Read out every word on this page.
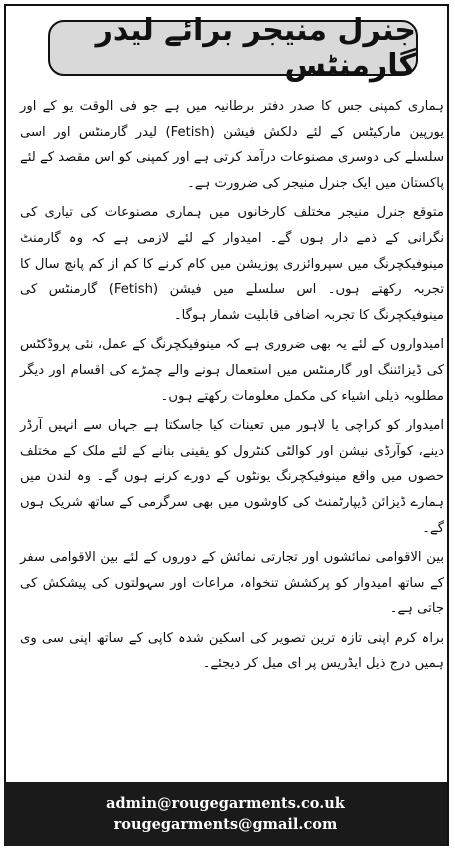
جنرل منیجر برائے لیدر گارمنٹس

ہماری کمپنی جس کا صدر دفتر برطانیہ میں ہے جو فی الوقت یو کے اور یورپین مارکیٹس کے لئے دلکش فیشن (Fetish) لیدر گارمنٹس اور اسی سلسلے کی دوسری مصنوعات درآمد کرتی ہے اور کمپنی کو اس مقصد کے لئے پاکستان میں ایک جنرل منیجر کی ضرورت ہے۔

متوقع جنرل منیجر مختلف کارخانوں میں ہماری مصنوعات کی تیاری کی نگرانی کے ذمے دار ہوں گے۔ امیدوار کے لئے لازمی ہے کہ وہ گارمنٹ مینوفیکچرنگ میں سپروائزری پوزیشن میں کام کرنے کا کم از کم پانچ سال کا تجربہ رکھتے ہوں۔ اس سلسلے میں فیشن (Fetish) گارمنٹس کی مینوفیکچرنگ کا تجربہ اضافی قابلیت شمار ہوگا۔

امیدواروں کے لئے یہ بھی ضروری ہے کہ مینوفیکچرنگ کے عمل، نئی پروڈکٹس کی ڈیزائننگ اور گارمنٹس میں استعمال ہونے والے چمڑے کی اقسام اور دیگر مطلوبہ ذیلی اشیاء کی مکمل معلومات رکھتے ہوں۔

امیدوار کو کراچی یا لاہور میں تعینات کیا جاسکتا ہے جہاں سے انہیں آرڈر دینے، کوآرڈی نیشن اور کوالٹی کنٹرول کو یقینی بنانے کے لئے ملک کے مختلف حصوں میں واقع مینوفیکچرنگ یونٹوں کے دورے کرنے ہوں گے۔ وہ لندن میں ہمارے ڈیزائن ڈیپارٹمنٹ کی کاوشوں میں بھی سرگرمی کے ساتھ شریک ہوں گے۔

بین الاقوامی نمائشوں اور تجارتی نمائش کے دوروں کے لئے بین الاقوامی سفر کے ساتھ امیدوار کو پرکشش تنخواہ، مراعات اور سہولتوں کی پیشکش کی جاتی ہے۔

براہ کرم اپنی تازہ ترین تصویر کی اسکین شدہ کاپی کے ساتھ اپنی سی وی ہمیں درج ذیل ایڈریس پر ای میل کر دیجئے۔

admin@rougegarments.co.uk
rougegarments@gmail.com
